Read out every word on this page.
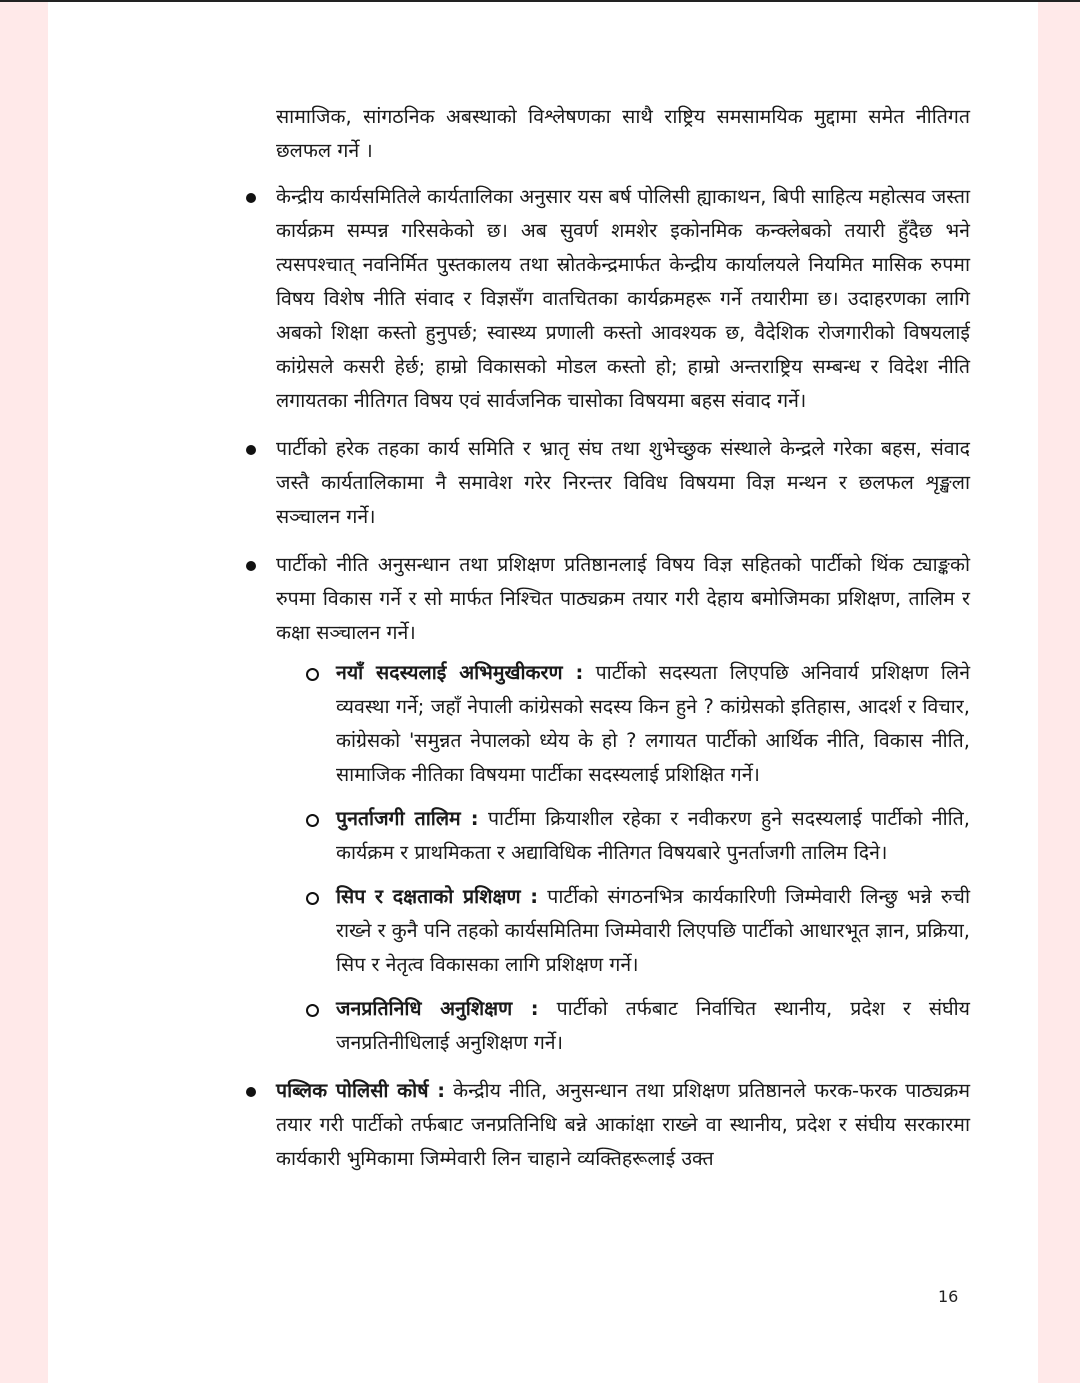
सामाजिक, सांगठनिक अबस्थाको विश्लेषणका साथै राष्ट्रिय समसामयिक मुद्दामा समेत नीतिगत छलफल गर्ने ।

केन्द्रीय कार्यसमितिले कार्यतालिका अनुसार यस बर्ष पोलिसी ह्याकाथन, बिपी साहित्य महोत्सव जस्ता कार्यक्रम सम्पन्न गरिसकेको छ। अब सुवर्ण शमशेर इकोनमिक कन्क्लेबको तयारी हुँदैछ भने त्यसपश्चात् नवनिर्मित पुस्तकालय तथा स्रोतकेन्द्रमार्फत केन्द्रीय कार्यालयले नियमित मासिक रुपमा विषय विशेष नीति संवाद र विज्ञसँग वातचितका कार्यक्रमहरू गर्ने तयारीमा छ। उदाहरणका लागि अबको शिक्षा कस्तो हुनुपर्छ; स्वास्थ्य प्रणाली कस्तो आवश्यक छ, वैदेशिक रोजगारीको विषयलाई कांग्रेसले कसरी हेर्छ; हाम्रो विकासको मोडल कस्तो हो; हाम्रो अन्तराष्ट्रिय सम्बन्ध र विदेश नीति लगायतका नीतिगत विषय एवं सार्वजनिक चासोका विषयमा बहस संवाद गर्ने।

पार्टीको हरेक तहका कार्य समिति र भ्रातृ संघ तथा शुभेच्छुक संस्थाले केन्द्रले गरेका बहस, संवाद जस्तै कार्यतालिकामा नै समावेश गरेर निरन्तर विविध विषयमा विज्ञ मन्थन र छलफल शृङ्खला सञ्चालन गर्ने।

पार्टीको नीति अनुसन्धान तथा प्रशिक्षण प्रतिष्ठानलाई विषय विज्ञ सहितको पार्टीको थिंक ट्याङ्कको रुपमा विकास गर्ने र सो मार्फत निश्चित पाठ्यक्रम तयार गरी देहाय बमोजिमका प्रशिक्षण, तालिम र कक्षा सञ्चालन गर्ने।

नयाँ सदस्यलाई अभिमुखीकरण : पार्टीको सदस्यता लिएपछि अनिवार्य प्रशिक्षण लिने व्यवस्था गर्ने; जहाँ नेपाली कांग्रेसको सदस्य किन हुने ? कांग्रेसको इतिहास, आदर्श र विचार, कांग्रेसको 'समुन्नत नेपालको ध्येय के हो ? लगायत पार्टीको आर्थिक नीति, विकास नीति, सामाजिक नीतिका विषयमा पार्टीका सदस्यलाई प्रशिक्षित गर्ने।

पुनर्ताजगी तालिम : पार्टीमा क्रियाशील रहेका र नवीकरण हुने सदस्यलाई पार्टीको नीति, कार्यक्रम र प्राथमिकता र अद्याविधिक नीतिगत विषयबारे पुनर्ताजगी तालिम दिने।

सिप र दक्षताको प्रशिक्षण : पार्टीको संगठनभित्र कार्यकारिणी जिम्मेवारी लिन्छु भन्ने रुची राख्ने र कुनै पनि तहको कार्यसमितिमा जिम्मेवारी लिएपछि पार्टीको आधारभूत ज्ञान, प्रक्रिया, सिप र नेतृत्व विकासका लागि प्रशिक्षण गर्ने।

जनप्रतिनिधि अनुशिक्षण : पार्टीको तर्फबाट निर्वाचित स्थानीय, प्रदेश र संघीय जनप्रतिनीधिलाई अनुशिक्षण गर्ने।

पब्लिक पोलिसी कोर्ष : केन्द्रीय नीति, अनुसन्धान तथा प्रशिक्षण प्रतिष्ठानले फरक-फरक पाठ्यक्रम तयार गरी पार्टीको तर्फबाट जनप्रतिनिधि बन्ने आकांक्षा राख्ने वा स्थानीय, प्रदेश र संघीय सरकारमा कार्यकारी भुमिकामा जिम्मेवारी लिन चाहाने व्यक्तिहरूलाई उक्त

16
